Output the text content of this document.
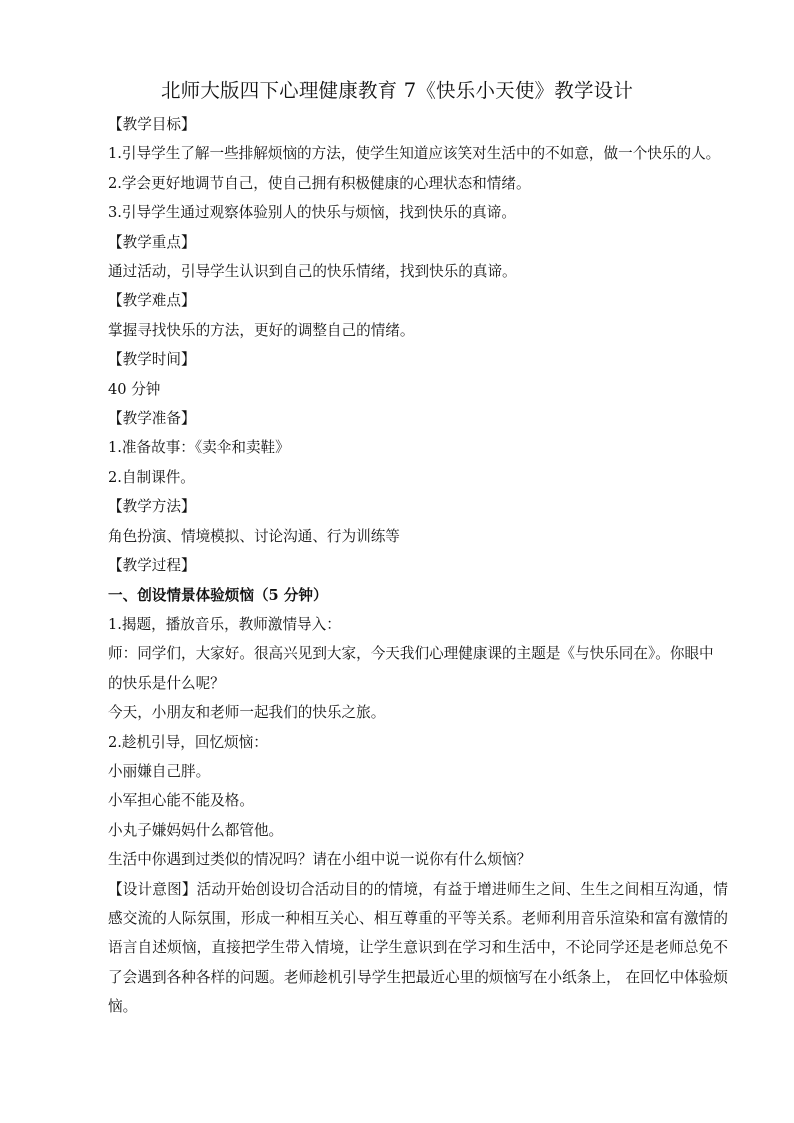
北师大版四下心理健康教育 7《快乐小天使》教学设计

【教学目标】

1.引导学生了解一些排解烦恼的方法，使学生知道应该笑对生活中的不如意，做一个快乐的人。

2.学会更好地调节自己，使自己拥有积极健康的心理状态和情绪。

3.引导学生通过观察体验别人的快乐与烦恼，找到快乐的真谛。

【教学重点】

通过活动，引导学生认识到自己的快乐情绪，找到快乐的真谛。

【教学难点】

掌握寻找快乐的方法，更好的调整自己的情绪。

【教学时间】

40 分钟

【教学准备】

1.准备故事：《卖伞和卖鞋》

2.自制课件。

【教学方法】

角色扮演、情境模拟、讨论沟通、行为训练等

【教学过程】

一、创设情景体验烦恼（5 分钟）

1.揭题，播放音乐，教师激情导入：

师：同学们，大家好。很高兴见到大家，今天我们心理健康课的主题是《与快乐同在》。你眼中的快乐是什么呢？

今天，小朋友和老师一起我们的快乐之旅。

2.趁机引导，回忆烦恼：

小丽嫌自己胖。

小军担心能不能及格。

小丸子嫌妈妈什么都管他。

生活中你遇到过类似的情况吗？请在小组中说一说你有什么烦恼？

【设计意图】活动开始创设切合活动目的的情境，有益于增进师生之间、生生之间相互沟通，情感交流的人际氛围，形成一种相互关心、相互尊重的平等关系。老师利用音乐渲染和富有激情的语言自述烦恼，直接把学生带入情境，让学生意识到在学习和生活中，不论同学还是老师总免不了会遇到各种各样的问题。老师趁机引导学生把最近心里的烦恼写在小纸条上， 在回忆中体验烦恼。
